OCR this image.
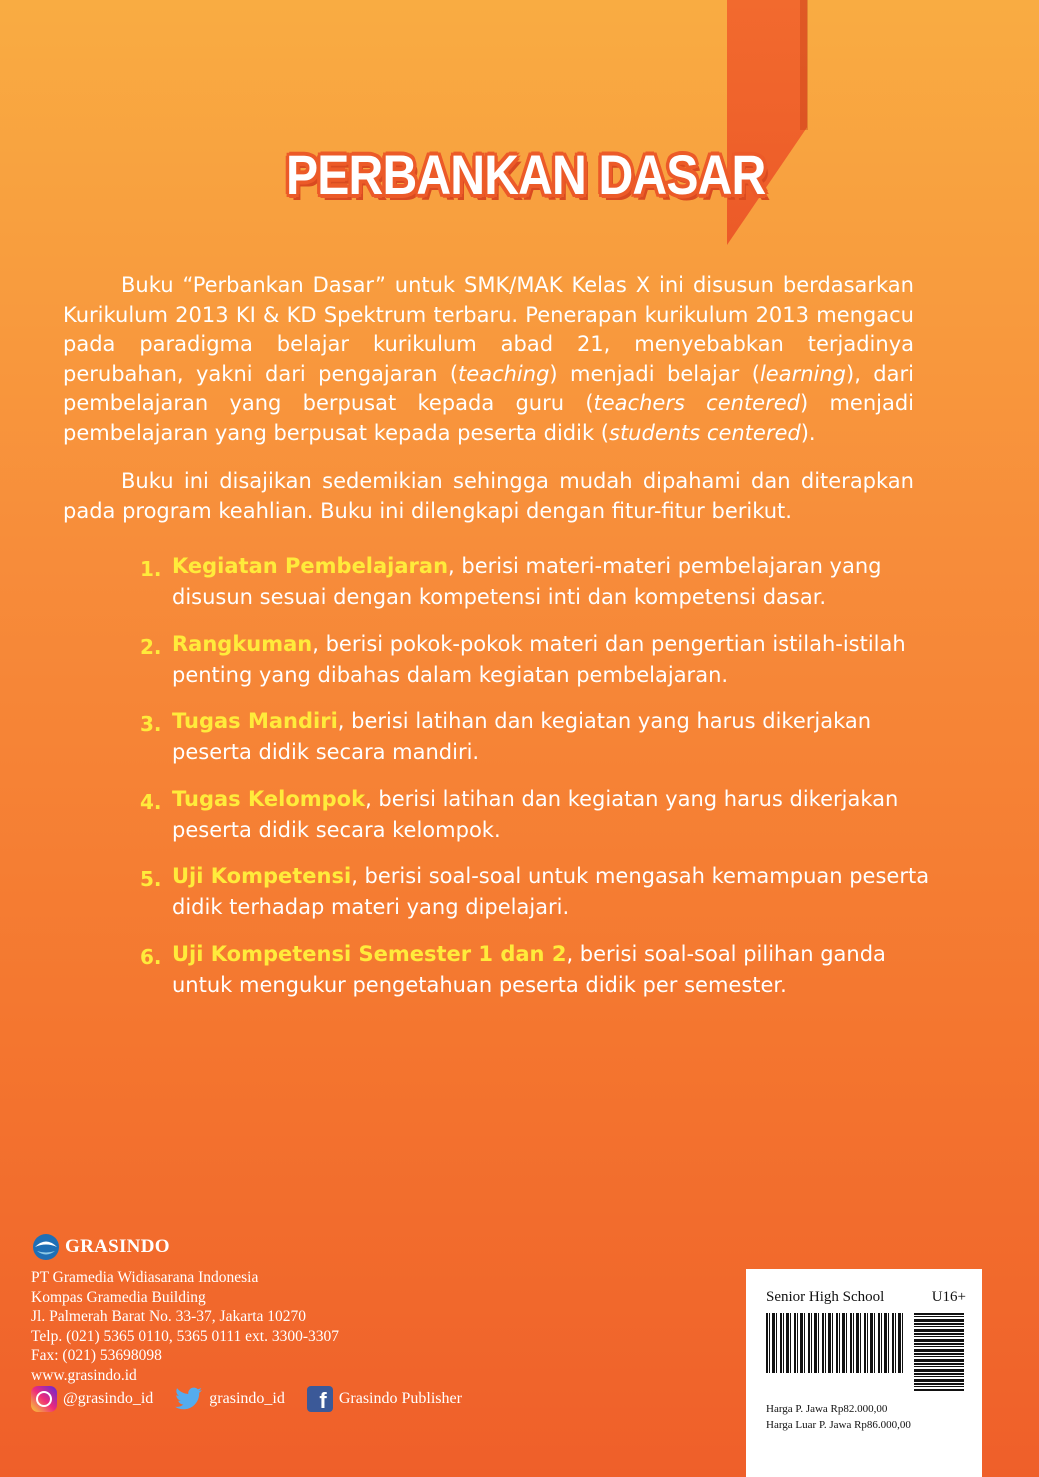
PERBANKAN DASAR
Buku “Perbankan Dasar” untuk SMK/MAK Kelas X ini disusun berdasarkan Kurikulum 2013 KI & KD Spektrum terbaru. Penerapan kurikulum 2013 mengacu pada paradigma belajar kurikulum abad 21, menyebabkan terjadinya perubahan, yakni dari pengajaran (teaching) menjadi belajar (learning), dari pembelajaran yang berpusat kepada guru (teachers centered) menjadi pembelajaran yang berpusat kepada peserta didik (students centered).
Buku ini disajikan sedemikian sehingga mudah dipahami dan diterapkan pada program keahlian. Buku ini dilengkapi dengan fitur-fitur berikut.
1. Kegiatan Pembelajaran, berisi materi-materi pembelajaran yang disusun sesuai dengan kompetensi inti dan kompetensi dasar.
2. Rangkuman, berisi pokok-pokok materi dan pengertian istilah-istilah penting yang dibahas dalam kegiatan pembelajaran.
3. Tugas Mandiri, berisi latihan dan kegiatan yang harus dikerjakan peserta didik secara mandiri.
4. Tugas Kelompok, berisi latihan dan kegiatan yang harus dikerjakan peserta didik secara kelompok.
5. Uji Kompetensi, berisi soal-soal untuk mengasah kemampuan peserta didik terhadap materi yang dipelajari.
6. Uji Kompetensi Semester 1 dan 2, berisi soal-soal pilihan ganda untuk mengukur pengetahuan peserta didik per semester.
GRASINDO
PT Gramedia Widiasarana Indonesia
Kompas Gramedia Building
Jl. Palmerah Barat No. 33-37, Jakarta 10270
Telp. (021) 5365 0110, 5365 0111 ext. 3300-3307
Fax: (021) 53698098
www.grasindo.id
@grasindo_id	grasindo_id	f Grasindo Publisher
Senior High School	U16+
Harga P. Jawa Rp82.000,00
Harga Luar P. Jawa Rp86.000,00
